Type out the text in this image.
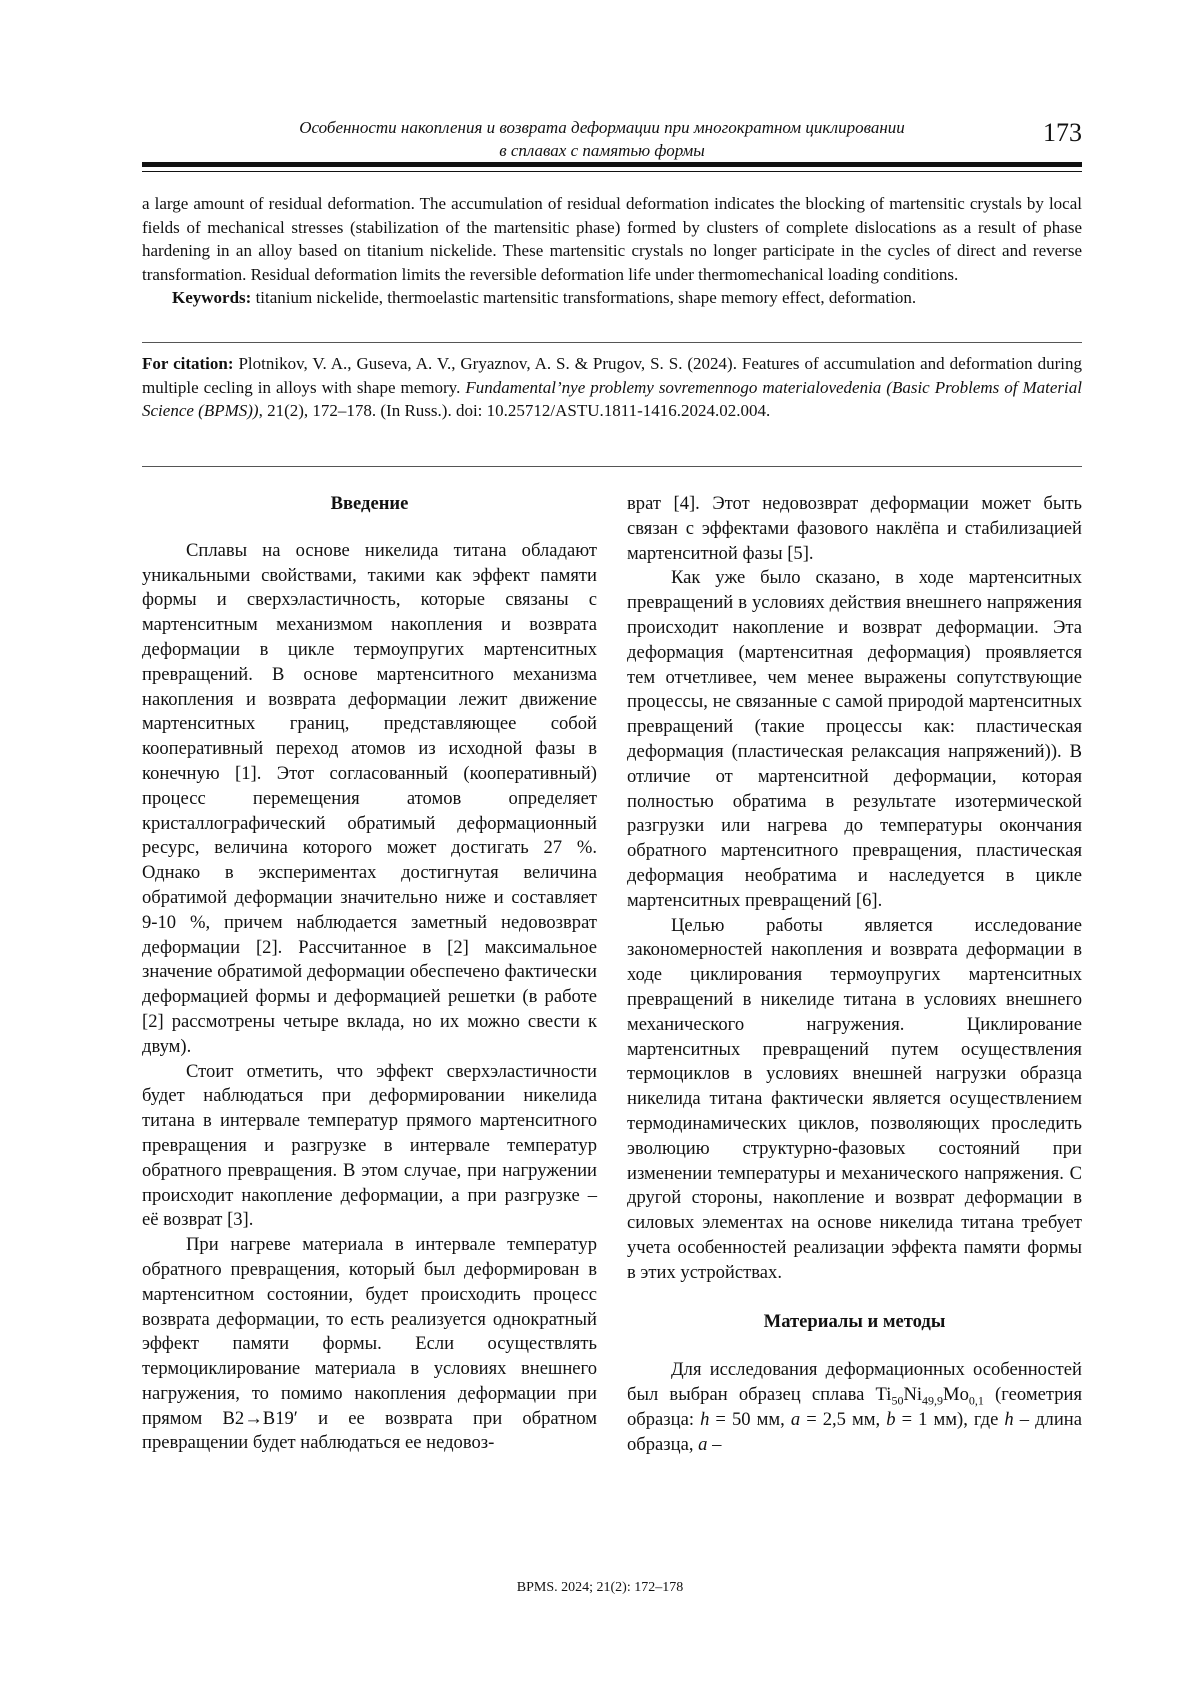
Особенности накопления и возврата деформации при многократном циклировании
в сплавах с памятью формы
173

a large amount of residual deformation. The accumulation of residual deformation indicates the blocking of martensitic crystals by local fields of mechanical stresses (stabilization of the martensitic phase) formed by clusters of complete dislocations as a result of phase hardening in an alloy based on titanium nickelide. These martensitic crystals no longer participate in the cycles of direct and reverse transformation. Residual deformation limits the reversible deformation life under thermomechanical loading conditions.

Keywords: titanium nickelide, thermoelastic martensitic transformations, shape memory effect, deformation.

For citation: Plotnikov, V. A., Guseva, A. V., Gryaznov, A. S. & Prugov, S. S. (2024). Features of accumulation and deformation during multiple cecling in alloys with shape memory. Fundamental’nye problemy sovremennogo materialovedenia (Basic Problems of Material Science (BPMS)), 21(2), 172–178. (In Russ.). doi: 10.25712/ASTU.1811-1416.2024.02.004.

Введение

Сплавы на основе никелида титана обладают уникальными свойствами, такими как эффект памяти формы и сверхэластичность, которые связаны с мартенситным механизмом накопления и возврата деформации в цикле термоупругих мартенситных превращений. В основе мартенситного механизма накопления и возврата деформации лежит движение мартенситных границ, представляющее собой кооперативный переход атомов из исходной фазы в конечную [1]. Этот согласованный (кооперативный) процесс перемещения атомов определяет кристаллографический обратимый деформационный ресурс, величина которого может достигать 27 %. Однако в экспериментах достигнутая величина обратимой деформации значительно ниже и составляет 9-10 %, причем наблюдается заметный недовозврат деформации [2]. Рассчитанное в [2] максимальное значение обратимой деформации обеспечено фактически деформацией формы и деформацией решетки (в работе [2] рассмотрены четыре вклада, но их можно свести к двум).

Стоит отметить, что эффект сверхэластичности будет наблюдаться при деформировании никелида титана в интервале температур прямого мартенситного превращения и разгрузке в интервале температур обратного превращения. В этом случае, при нагружении происходит накопление деформации, а при разгрузке – её возврат [3].

При нагреве материала в интервале температур обратного превращения, который был деформирован в мартенситном состоянии, будет происходить процесс возврата деформации, то есть реализуется однократный эффект памяти формы. Если осуществлять термоциклирование материала в условиях внешнего нагружения, то помимо накопления деформации при прямом B2→B19′ и ее возврата при обратном превращении будет наблюдаться ее недовоз-

врат [4]. Этот недовозврат деформации может быть связан с эффектами фазового наклёпа и стабилизацией мартенситной фазы [5].

Как уже было сказано, в ходе мартенситных превращений в условиях действия внешнего напряжения происходит накопление и возврат деформации. Эта деформация (мартенситная деформация) проявляется тем отчетливее, чем менее выражены сопутствующие процессы, не связанные с самой природой мартенситных превращений (такие процессы как: пластическая деформация (пластическая релаксация напряжений)). В отличие от мартенситной деформации, которая полностью обратима в результате изотермической разгрузки или нагрева до температуры окончания обратного мартенситного превращения, пластическая деформация необратима и наследуется в цикле мартенситных превращений [6].

Целью работы является исследование закономерностей накопления и возврата деформации в ходе циклирования термоупругих мартенситных превращений в никелиде титана в условиях внешнего механического нагружения. Циклирование мартенситных превращений путем осуществления термоциклов в условиях внешней нагрузки образца никелида титана фактически является осуществлением термодинамических циклов, позволяющих проследить эволюцию структурно-фазовых состояний при изменении температуры и механического напряжения. С другой стороны, накопление и возврат деформации в силовых элементах на основе никелида титана требует учета особенностей реализации эффекта памяти формы в этих устройствах.

Материалы и методы

Для исследования деформационных особенностей был выбран образец сплава $Ti_{50}Ni_{49,9}Mo_{0,1}$ (геометрия образца: h = 50 мм, a = 2,5 мм, b = 1 мм), где h – длина образца, a –

BPMS. 2024; 21(2): 172–178
